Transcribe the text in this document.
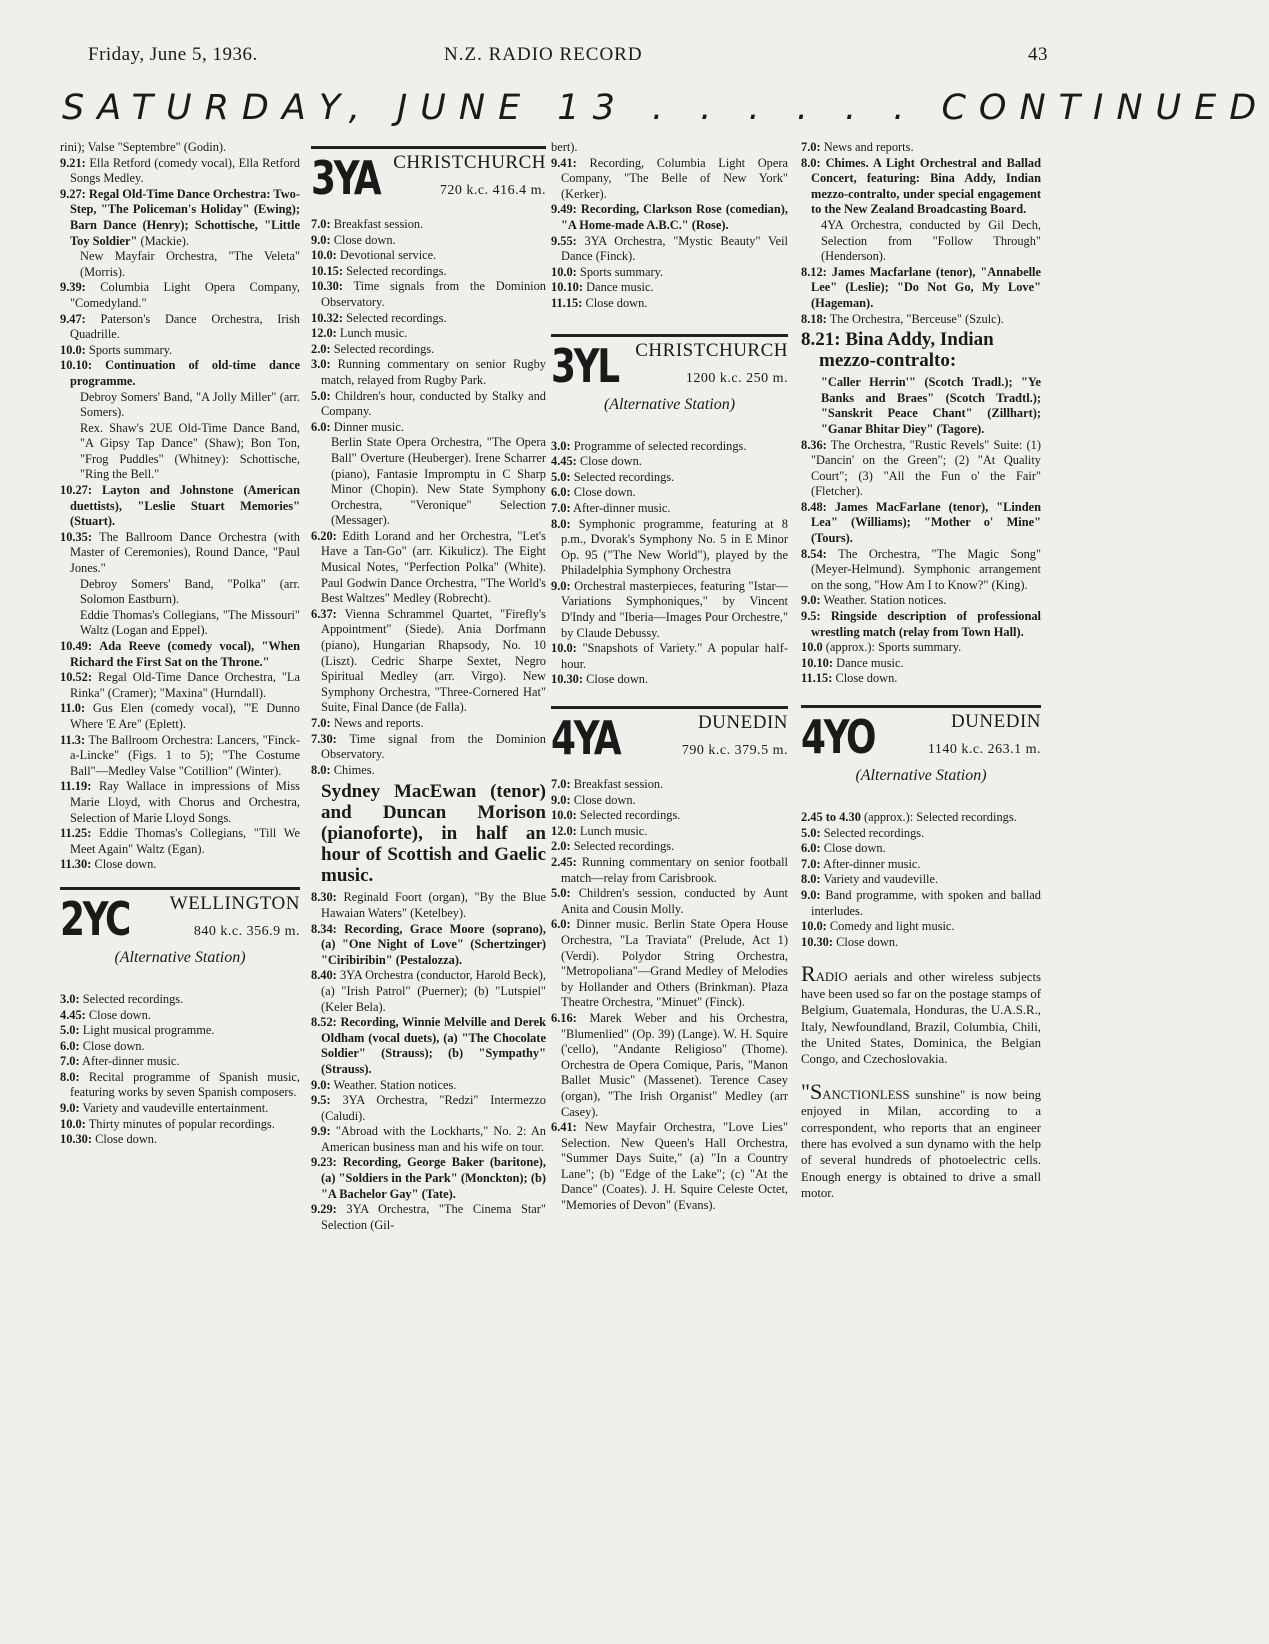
Friday, June 5, 1936.	N.Z. RADIO RECORD	43
SATURDAY, JUNE 13 . . . . . . CONTINUED

rini); Valse "Septembre" (Godin).

9.21: Ella Retford (comedy vocal), Ella Retford Songs Medley.

9.27: Regal Old-Time Dance Orchestra: Two-Step, "The Policeman's Holiday" (Ewing); Barn Dance (Henry); Schottische, "Little Toy Soldier" (Mackie).

New Mayfair Orchestra, "The Veleta" (Morris).

9.39: Columbia Light Opera Company, "Comedyland."

9.47: Paterson's Dance Orchestra, Irish Quadrille.

10.0: Sports summary.

10.10: Continuation of old-time dance programme.

Debroy Somers' Band, "A Jolly Miller" (arr. Somers).

Rex. Shaw's 2UE Old-Time Dance Band, "A Gipsy Tap Dance" (Shaw); Bon Ton, "Frog Puddles" (Whitney): Schottische, "Ring the Bell."

10.27: Layton and Johnstone (American duettists), "Leslie Stuart Memories" (Stuart).

10.35: The Ballroom Dance Orchestra (with Master of Ceremonies), Round Dance, "Paul Jones."

Debroy Somers' Band, "Polka" (arr. Solomon Eastburn).

Eddie Thomas's Collegians, "The Missouri" Waltz (Logan and Eppel).

10.49: Ada Reeve (comedy vocal), "When Richard the First Sat on the Throne."

10.52: Regal Old-Time Dance Orchestra, "La Rinka" (Cramer); "Maxina" (Hurndall).

11.0: Gus Elen (comedy vocal), "'E Dunno Where 'E Are" (Eplett).

11.3: The Ballroom Orchestra: Lancers, "Finck-a-Lincke" (Figs. 1 to 5); "The Costume Ball"—Medley Valse "Cotillion" (Winter).

11.19: Ray Wallace in impressions of Miss Marie Lloyd, with Chorus and Orchestra, Selection of Marie Lloyd Songs.

11.25: Eddie Thomas's Collegians, "Till We Meet Again" Waltz (Egan).

11.30: Close down.

2YC WELLINGTON
840 k.c. 356.9 m.
(Alternative Station)

3.0: Selected recordings.

4.45: Close down.

5.0: Light musical programme.

6.0: Close down.

7.0: After-dinner music.

8.0: Recital programme of Spanish music, featuring works by seven Spanish composers.

9.0: Variety and vaudeville entertainment.

10.0: Thirty minutes of popular recordings.

10.30: Close down.

3YA CHRISTCHURCH
720 k.c. 416.4 m.

7.0: Breakfast session.

9.0: Close down.

10.0: Devotional service.

10.15: Selected recordings.

10.30: Time signals from the Dominion Observatory.

10.32: Selected recordings.

12.0: Lunch music.

2.0: Selected recordings.

3.0: Running commentary on senior Rugby match, relayed from Rugby Park.

5.0: Children's hour, conducted by Stalky and Company.

6.0: Dinner music.

Berlin State Opera Orchestra, "The Opera Ball" Overture (Heuberger). Irene Scharrer (piano), Fantasie Impromptu in C Sharp Minor (Chopin). New State Symphony Orchestra, "Veronique" Selection (Messager).

6.20: Edith Lorand and her Orchestra, "Let's Have a Tan-Go" (arr. Kikulicz). The Eight Musical Notes, "Perfection Polka" (White). Paul Godwin Dance Orchestra, "The World's Best Waltzes" Medley (Robrecht).

6.37: Vienna Schrammel Quartet, "Firefly's Appointment" (Siede). Ania Dorfmann (piano), Hungarian Rhapsody, No. 10 (Liszt). Cedric Sharpe Sextet, Negro Spiritual Medley (arr. Virgo). New Symphony Orchestra, "Three-Cornered Hat" Suite, Final Dance (de Falla).

7.0: News and reports.

7.30: Time signal from the Dominion Observatory.

8.0: Chimes.

Sydney MacEwan (tenor) and Duncan Morison (pianoforte), in half an hour of Scottish and Gaelic music.

8.30: Reginald Foort (organ), "By the Blue Hawaian Waters" (Ketelbey).

8.34: Recording, Grace Moore (soprano), (a) "One Night of Love" (Schertzinger) "Ciribiribin" (Pestalozza).

8.40: 3YA Orchestra (conductor, Harold Beck), (a) "Irish Patrol" (Puerner); (b) "Lutspiel" (Keler Bela).

8.52: Recording, Winnie Melville and Derek Oldham (vocal duets), (a) "The Chocolate Soldier" (Strauss); (b) "Sympathy" (Strauss).

9.0: Weather. Station notices.

9.5: 3YA Orchestra, "Redzi" Intermezzo (Caludi).

9.9: "Abroad with the Lockharts," No. 2: An American business man and his wife on tour.

9.23: Recording, George Baker (baritone), (a) "Soldiers in the Park" (Monckton); (b) "A Bachelor Gay" (Tate).

9.29: 3YA Orchestra, "The Cinema Star" Selection (Gil-

bert).

9.41: Recording, Columbia Light Opera Company, "The Belle of New York" (Kerker).

9.49: Recording, Clarkson Rose (comedian), "A Home-made A.B.C." (Rose).

9.55: 3YA Orchestra, "Mystic Beauty" Veil Dance (Finck).

10.0: Sports summary.

10.10: Dance music.

11.15: Close down.

3YL CHRISTCHURCH
1200 k.c. 250 m.
(Alternative Station)

3.0: Programme of selected recordings.

4.45: Close down.

5.0: Selected recordings.

6.0: Close down.

7.0: After-dinner music.

8.0: Symphonic programme, featuring at 8 p.m., Dvorak's Symphony No. 5 in E Minor Op. 95 ("The New World"), played by the Philadelphia Symphony Orchestra

9.0: Orchestral masterpieces, featuring "Istar—Variations Symphoniques," by Vincent D'Indy and "Iberia—Images Pour Orchestre," by Claude Debussy.

10.0: "Snapshots of Variety." A popular half-hour.

10.30: Close down.

4YA	DUNEDIN
790 k.c. 379.5 m.

7.0: Breakfast session.

9.0: Close down.

10.0: Selected recordings.

12.0: Lunch music.

2.0: Selected recordings.

2.45: Running commentary on senior football match—relay from Carisbrook.

5.0: Children's session, conducted by Aunt Anita and Cousin Molly.

6.0: Dinner music. Berlin State Opera House Orchestra, "La Traviata" (Prelude, Act 1) (Verdi). Polydor String Orchestra, "Metropoliana"—Grand Medley of Melodies by Hollander and Others (Brinkman). Plaza Theatre Orchestra, "Minuet" (Finck).

6.16: Marek Weber and his Orchestra, "Blumenlied" (Op. 39) (Lange). W. H. Squire ('cello), "Andante Religioso" (Thome). Orchestra de Opera Comique, Paris, "Manon Ballet Music" (Massenet). Terence Casey (organ), "The Irish Organist" Medley (arr Casey).

6.41: New Mayfair Orchestra, "Love Lies" Selection. New Queen's Hall Orchestra, "Summer Days Suite," (a) "In a Country Lane"; (b) "Edge of the Lake"; (c) "At the Dance" (Coates). J. H. Squire Celeste Octet, "Memories of Devon" (Evans).

7.0: News and reports.

8.0: Chimes. A Light Orchestral and Ballad Concert, featuring: Bina Addy, Indian mezzo-contralto, under special engagement to the New Zealand Broadcasting Board.

4YA Orchestra, conducted by Gil Dech, Selection from "Follow Through" (Henderson).

8.12: James Macfarlane (tenor), "Annabelle Lee" (Leslie); "Do Not Go, My Love" (Hageman).

8.18: The Orchestra, "Berceuse" (Szulc).

8.21: Bina Addy, Indian
mezzo-contralto:

"Caller Herrin'" (Scotch Tradl.); "Ye Banks and Braes" (Scotch Tradtl.); "Sanskrit Peace Chant" (Zillhart); "Ganar Bhitar Diey" (Tagore).

8.36: The Orchestra, "Rustic Revels" Suite: (1) "Dancin' on the Green"; (2) "At Quality Court"; (3) "All the Fun o' the Fair" (Fletcher).

8.48: James MacFarlane (tenor), "Linden Lea" (Williams); "Mother o' Mine" (Tours).

8.54: The Orchestra, "The Magic Song" (Meyer-Helmund). Symphonic arrangement on the song, "How Am I to Know?" (King).

9.0: Weather. Station notices.

9.5: Ringside description of professional wrestling match (relay from Town Hall).

10.0 (approx.): Sports summary.

10.10: Dance music.

11.15: Close down.

4YO	DUNEDIN
1140 k.c. 263.1 m.
(Alternative Station)

2.45 to 4.30 (approx.): Selected recordings.

5.0: Selected recordings.

6.0: Close down.

7.0: After-dinner music.

8.0: Variety and vaudeville.

9.0: Band programme, with spoken and ballad interludes.

10.0: Comedy and light music.

10.30: Close down.

RADIO aerials and other wireless subjects have been used so far on the postage stamps of Belgium, Guatemala, Honduras, the U.A.S.R., Italy, Newfoundland, Brazil, Columbia, Chili, the United States, Dominica, the Belgian Congo, and Czechoslovakia.

"SANCTIONLESS sunshine" is now being enjoyed in Milan, according to a correspondent, who reports that an engineer there has evolved a sun dynamo with the help of several hundreds of photoelectric cells. Enough energy is obtained to drive a small motor.
